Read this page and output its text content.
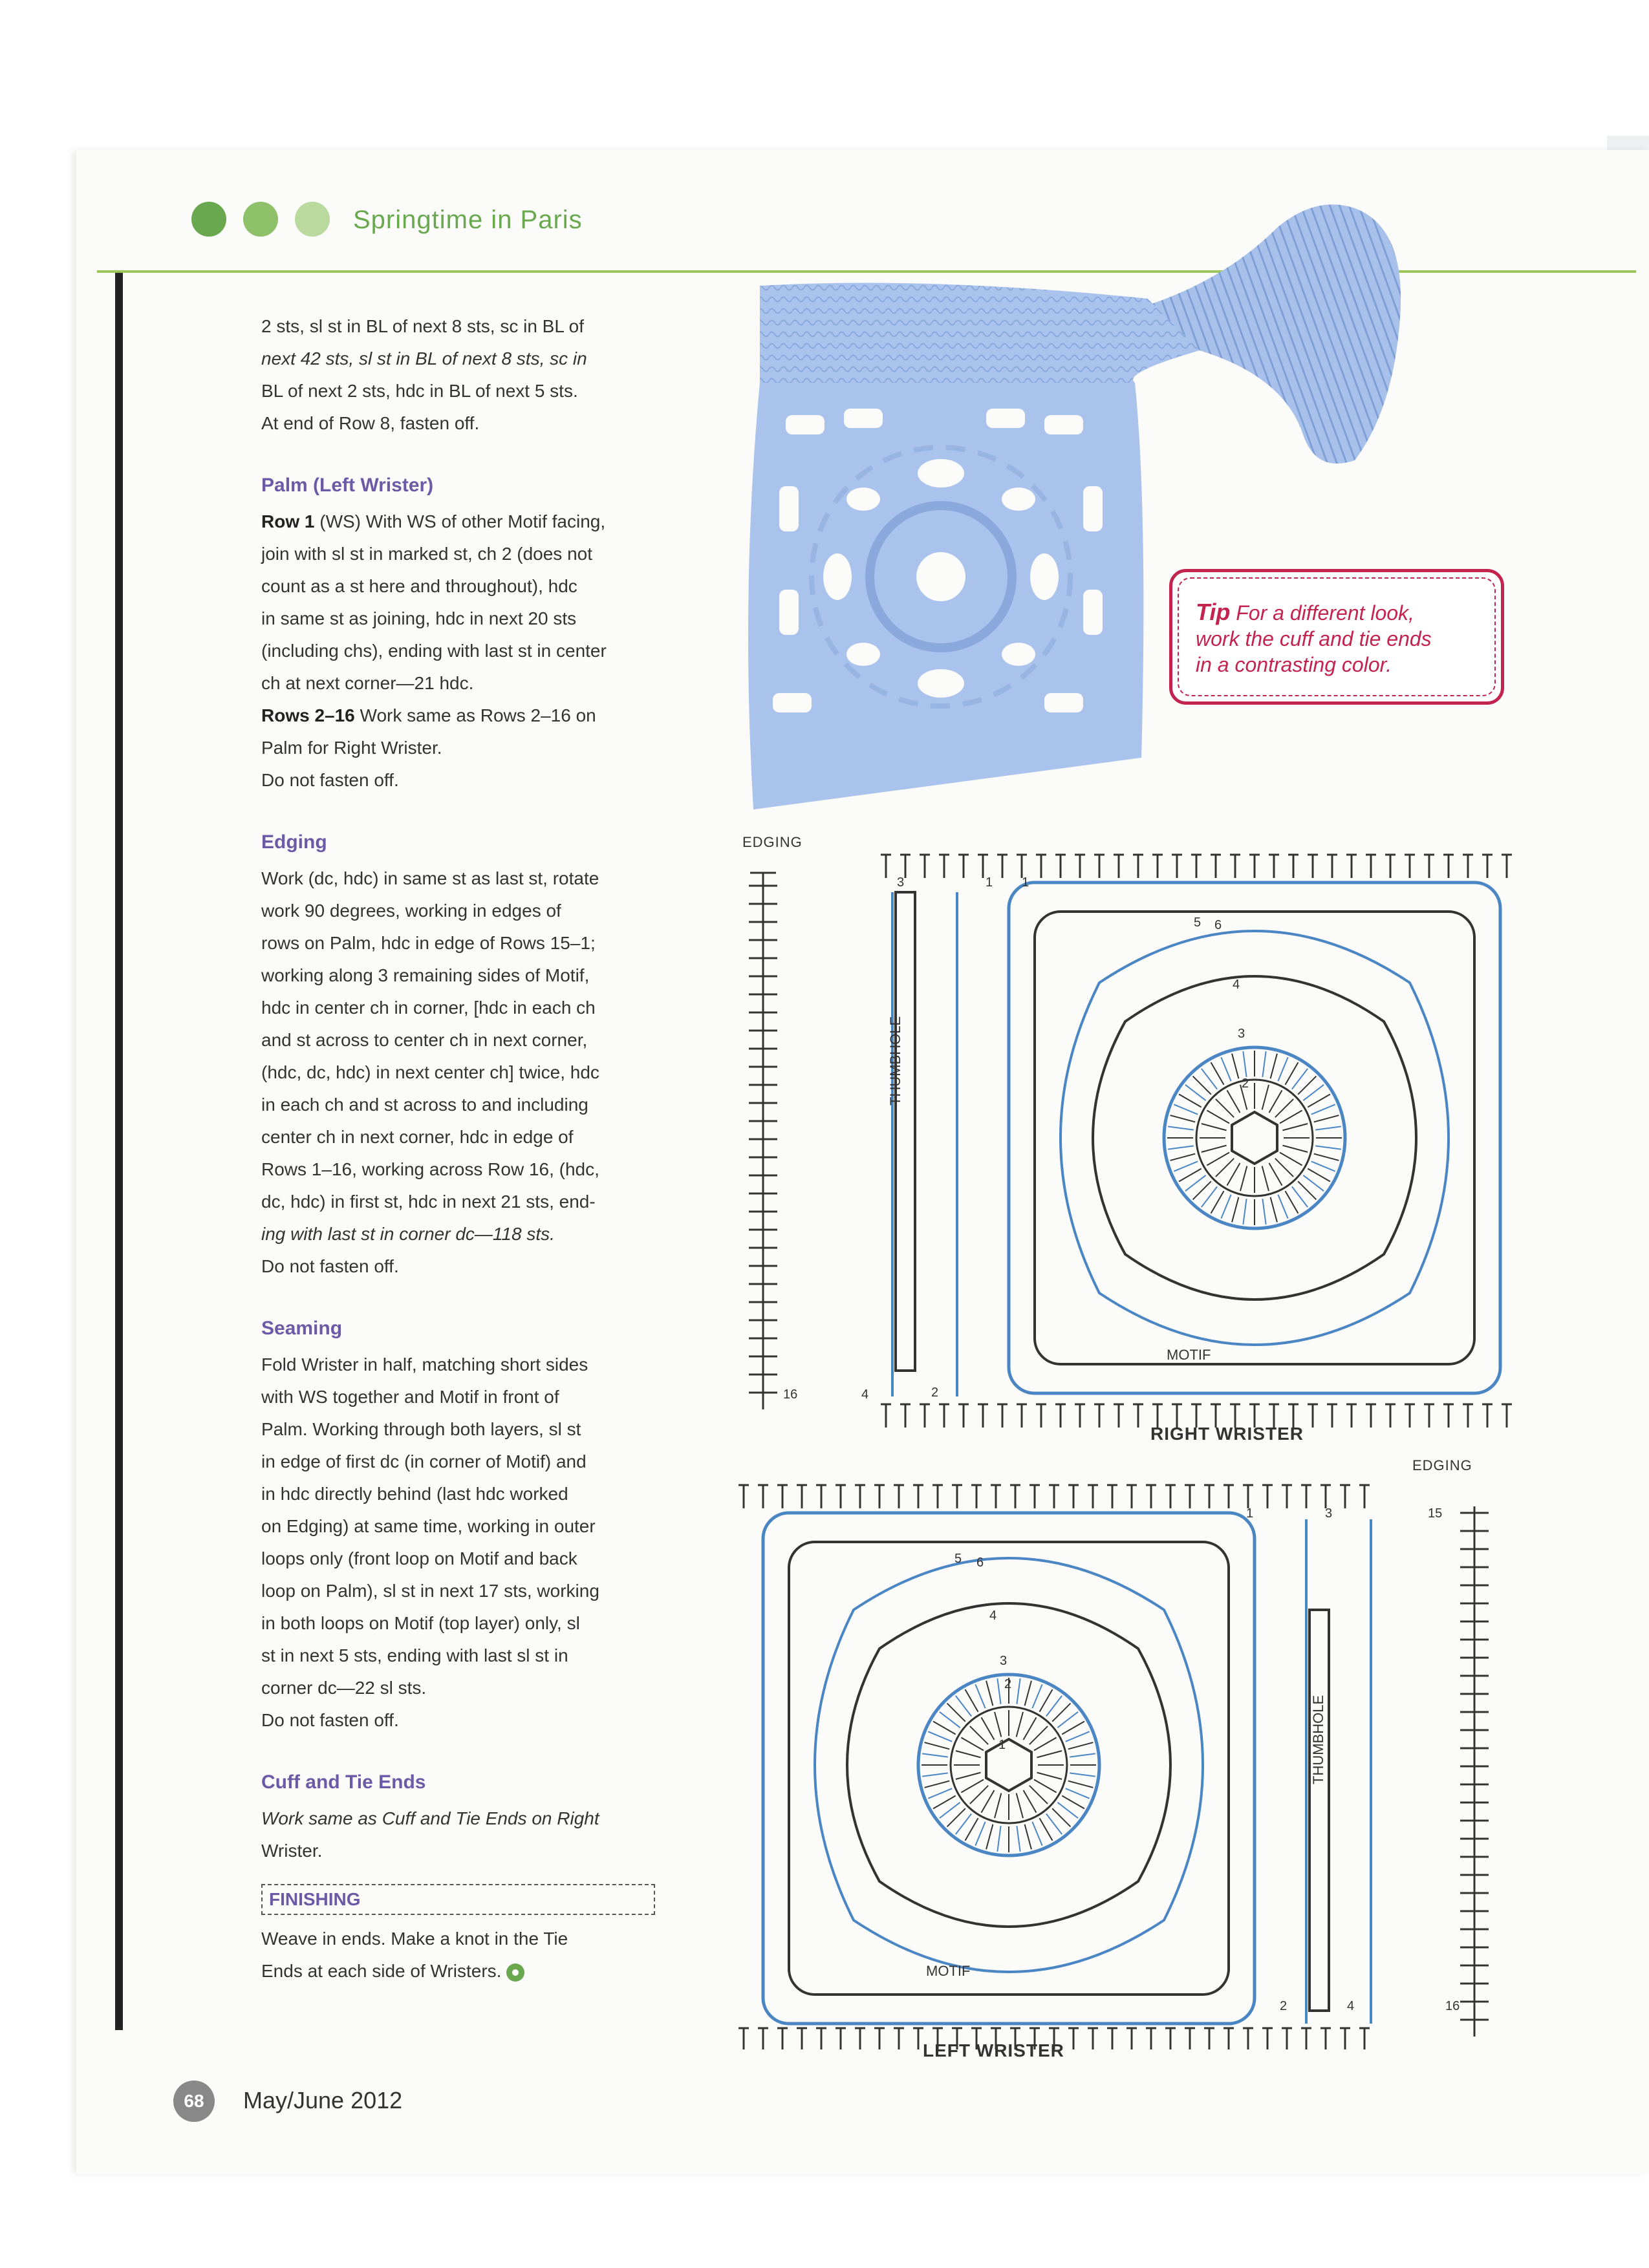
Springtime in Paris

2 sts, sl st in BL of next 8 sts, sc in BL of

next 42 sts, sl st in BL of next 8 sts, sc in

BL of next 2 sts, hdc in BL of next 5 sts.

At end of Row 8, fasten off.

Palm (Left Wrister)

Row 1 (WS) With WS of other Motif facing,

join with sl st in marked st, ch 2 (does not

count as a st here and throughout), hdc

in same st as joining, hdc in next 20 sts

(including chs), ending with last st in center

ch at next corner—21 hdc.

Rows 2–16 Work same as Rows 2–16 on

Palm for Right Wrister.

Do not fasten off.

Edging

Work (dc, hdc) in same st as last st, rotate

work 90 degrees, working in edges of

rows on Palm, hdc in edge of Rows 15–1;

working along 3 remaining sides of Motif,

hdc in center ch in corner, [hdc in each ch

and st across to center ch in next corner,

(hdc, dc, hdc) in next center ch] twice, hdc

in each ch and st across to and including

center ch in next corner, hdc in edge of

Rows 1–16, working across Row 16, (hdc,

dc, hdc) in first st, hdc in next 21 sts, end-

ing with last st in corner dc—118 sts.

Do not fasten off.

Seaming

Fold Wrister in half, matching short sides

with WS together and Motif in front of

Palm. Working through both layers, sl st

in edge of first dc (in corner of Motif) and

in hdc directly behind (last hdc worked

on Edging) at same time, working in outer

loops only (front loop on Motif and back

loop on Palm), sl st in next 17 sts, working

in both loops on Motif (top layer) only, sl

st in next 5 sts, ending with last sl st in

corner dc—22 sl sts.

Do not fasten off.

Cuff and Tie Ends

Work same as Cuff and Tie Ends on Right

Wrister.

FINISHING

Weave in ends. Make a knot in the Tie

Ends at each side of Wristers.

Tip For a different look,
work the cuff and tie ends
in a contrasting color.
EDGING
THUMBHOLE
MOTIF
1
2
3
4
5 6
2
3
4
16
1
RIGHT WRISTER
EDGING
THUMBHOLE
MOTIF
1
2
3
4
5 6
1	3	15
2	4	16
LEFT WRISTER
68	May/June 2012
